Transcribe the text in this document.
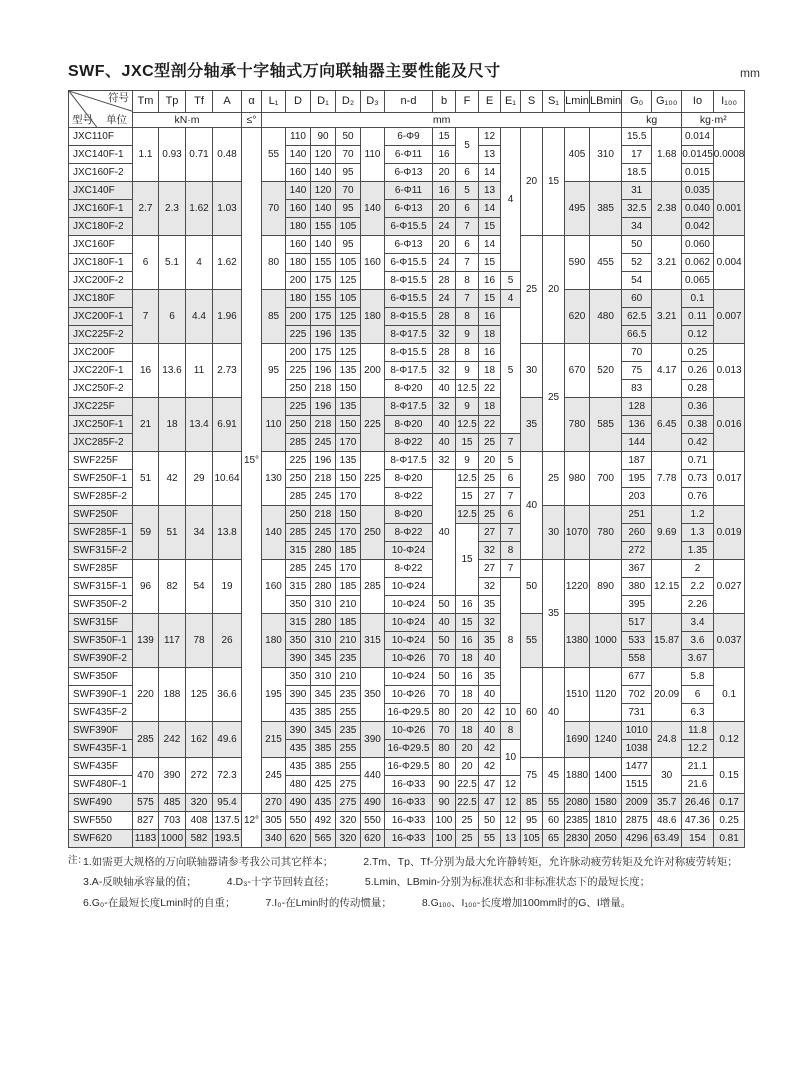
SWF、JXC型剖分轴承十字轴式万向联轴器主要性能及尺寸	mm
符号
单位
型号	Tm	Tp	Tf	A	α	L₁	D	D₁	D₂	D₃	n-d	b	F	E	E₁	S	S₁	Lmin	LBmin	G₀	G₁₀₀	Io	I₁₀₀
	kN·m				≤°	mm														kg		kg·m²	
JXC110F	1.1	0.93	0.71	0.48	15°	55	110	90	50	110	6-Φ9	15	5	12	4	20	15	405	310	15.5	1.68	0.014	0.0008
JXC140F-1							140	120	70		6-Φ11	16		13						17		0.0145	
JXC160F-2							160	140	95		6-Φ13	20	6	14						18.5		0.015	
JXC140F	2.7	2.3	1.62	1.03		70	140	120	70	140	6-Φ11	16	5	13				495	385	31	2.38	0.035	0.001
JXC160F-1							160	140	95		6-Φ13	20	6	14						32.5		0.040	
JXC180F-2							180	155	105		6-Φ15.5	24	7	15						34		0.042	
JXC160F	6	5.1	4	1.62		80	160	140	95	160	6-Φ13	20	6	14		25	20	590	455	50	3.21	0.060	0.004
JXC180F-1							180	155	105		6-Φ15.5	24	7	15						52		0.062	
JXC200F-2							200	175	125		8-Φ15.5	28	8	16	5					54		0.065	
JXC180F	7	6	4.4	1.96		85	180	155	105	180	6-Φ15.5	24	7	15	4			620	480	60	3.21	0.1	0.007
JXC200F-1							200	175	125		8-Φ15.5	28	8	16	5					62.5		0.11	
JXC225F-2							225	196	135		8-Φ17.5	32	9	18						66.5		0.12	
JXC200F	16	13.6	11	2.73		95	200	175	125	200	8-Φ15.5	28	8	16		30	25	670	520	70	4.17	0.25	0.013
JXC220F-1							225	196	135		8-Φ17.5	32	9	18						75		0.26	
JXC250F-2							250	218	150		8-Φ20	40	12.5	22						83		0.28	
JXC225F	21	18	13.4	6.91		110	225	196	135	225	8-Φ17.5	32	9	18		35		780	585	128	6.45	0.36	0.016
JXC250F-1							250	218	150		8-Φ20	40	12.5	22						136		0.38	
JXC285F-2							285	245	170		8-Φ22	40	15	25	7					144		0.42	
SWF225F	51	42	29	10.64		130	225	196	135	225	8-Φ17.5	32	9	20	5	40	25	980	700	187	7.78	0.71	0.017
SWF250F-1							250	218	150		8-Φ20	40	12.5	25	6					195		0.73	
SWF285F-2							285	245	170		8-Φ22		15	27	7					203		0.76	
SWF250F	59	51	34	13.8		140	250	218	150	250	8-Φ20		12.5	25	6		30	1070	780	251	9.69	1.2	0.019
SWF285F-1							285	245	170		8-Φ22		15	27	7					260		1.3	
SWF315F-2							315	280	185		10-Φ24			32	8					272		1.35	
SWF285F	96	82	54	19		160	285	245	170	285	8-Φ22			27	7	50	35	1220	890	367	12.15	2	0.027
SWF315F-1							315	280	185		10-Φ24			32	8					380		2.2	
SWF350F-2							350	310	210		10-Φ24	50	16	35						395		2.26	
SWF315F	139	117	78	26		180	315	280	185	315	10-Φ24	40	15	32		55		1380	1000	517	15.87	3.4	0.037
SWF350F-1							350	310	210		10-Φ24	50	16	35						533		3.6	
SWF390F-2							390	345	235		10-Φ26	70	18	40						558		3.67	
SWF350F	220	188	125	36.6		195	350	310	210	350	10-Φ24	50	16	35		60	40	1510	1120	677	20.09	5.8	0.1
SWF390F-1							390	345	235		10-Φ26	70	18	40						702		6	
SWF435F-2							435	385	255		16-Φ29.5	80	20	42	10					731		6.3	
SWF390F	285	242	162	49.6		215	390	345	235	390	10-Φ26	70	18	40	8			1690	1240	1010	24.8	11.8	0.12
SWF435F-1							435	385	255		16-Φ29.5	80	20	42	10					1038		12.2	
SWF435F	470	390	272	72.3		245	435	385	255	440	16-Φ29.5	80	20	42		75	45	1880	1400	1477	30	21.1	0.15
SWF480F-1							480	425	275		16-Φ33	90	22.5	47	12					1515		21.6	
SWF490	575	485	320	95.4	12°	270	490	435	275	490	16-Φ33	90	22.5	47	12	85	55	2080	1580	2009	35.7	26.46	0.17
SWF550	827	703	408	137.5		305	550	492	320	550	16-Φ33	100	25	50	12	95	60	2385	1810	2875	48.6	47.36	0.25
SWF620	1183	1000	582	193.5		340	620	565	320	620	16-Φ33	100	25	55	13	105	65	2830	2050	4296	63.49	154	0.81
注：
1.如需更大规格的万向联轴器请参考我公司其它样本；	2.Tm、Tp、Tf-分别为最大允许静转矩，允许脉动疲劳转矩及允许对称疲劳转矩；
3.A-反映轴承容量的值；	4.D₃-十字节回转直径；	5.Lmin、LBmin-分别为标准状态和非标准状态下的最短长度；
6.G₀-在最短长度Lmin时的自重；	7.I₀-在Lmin时的传动惯量；	8.G₁₀₀、I₁₀₀-长度增加100mm时的G、I增量。
